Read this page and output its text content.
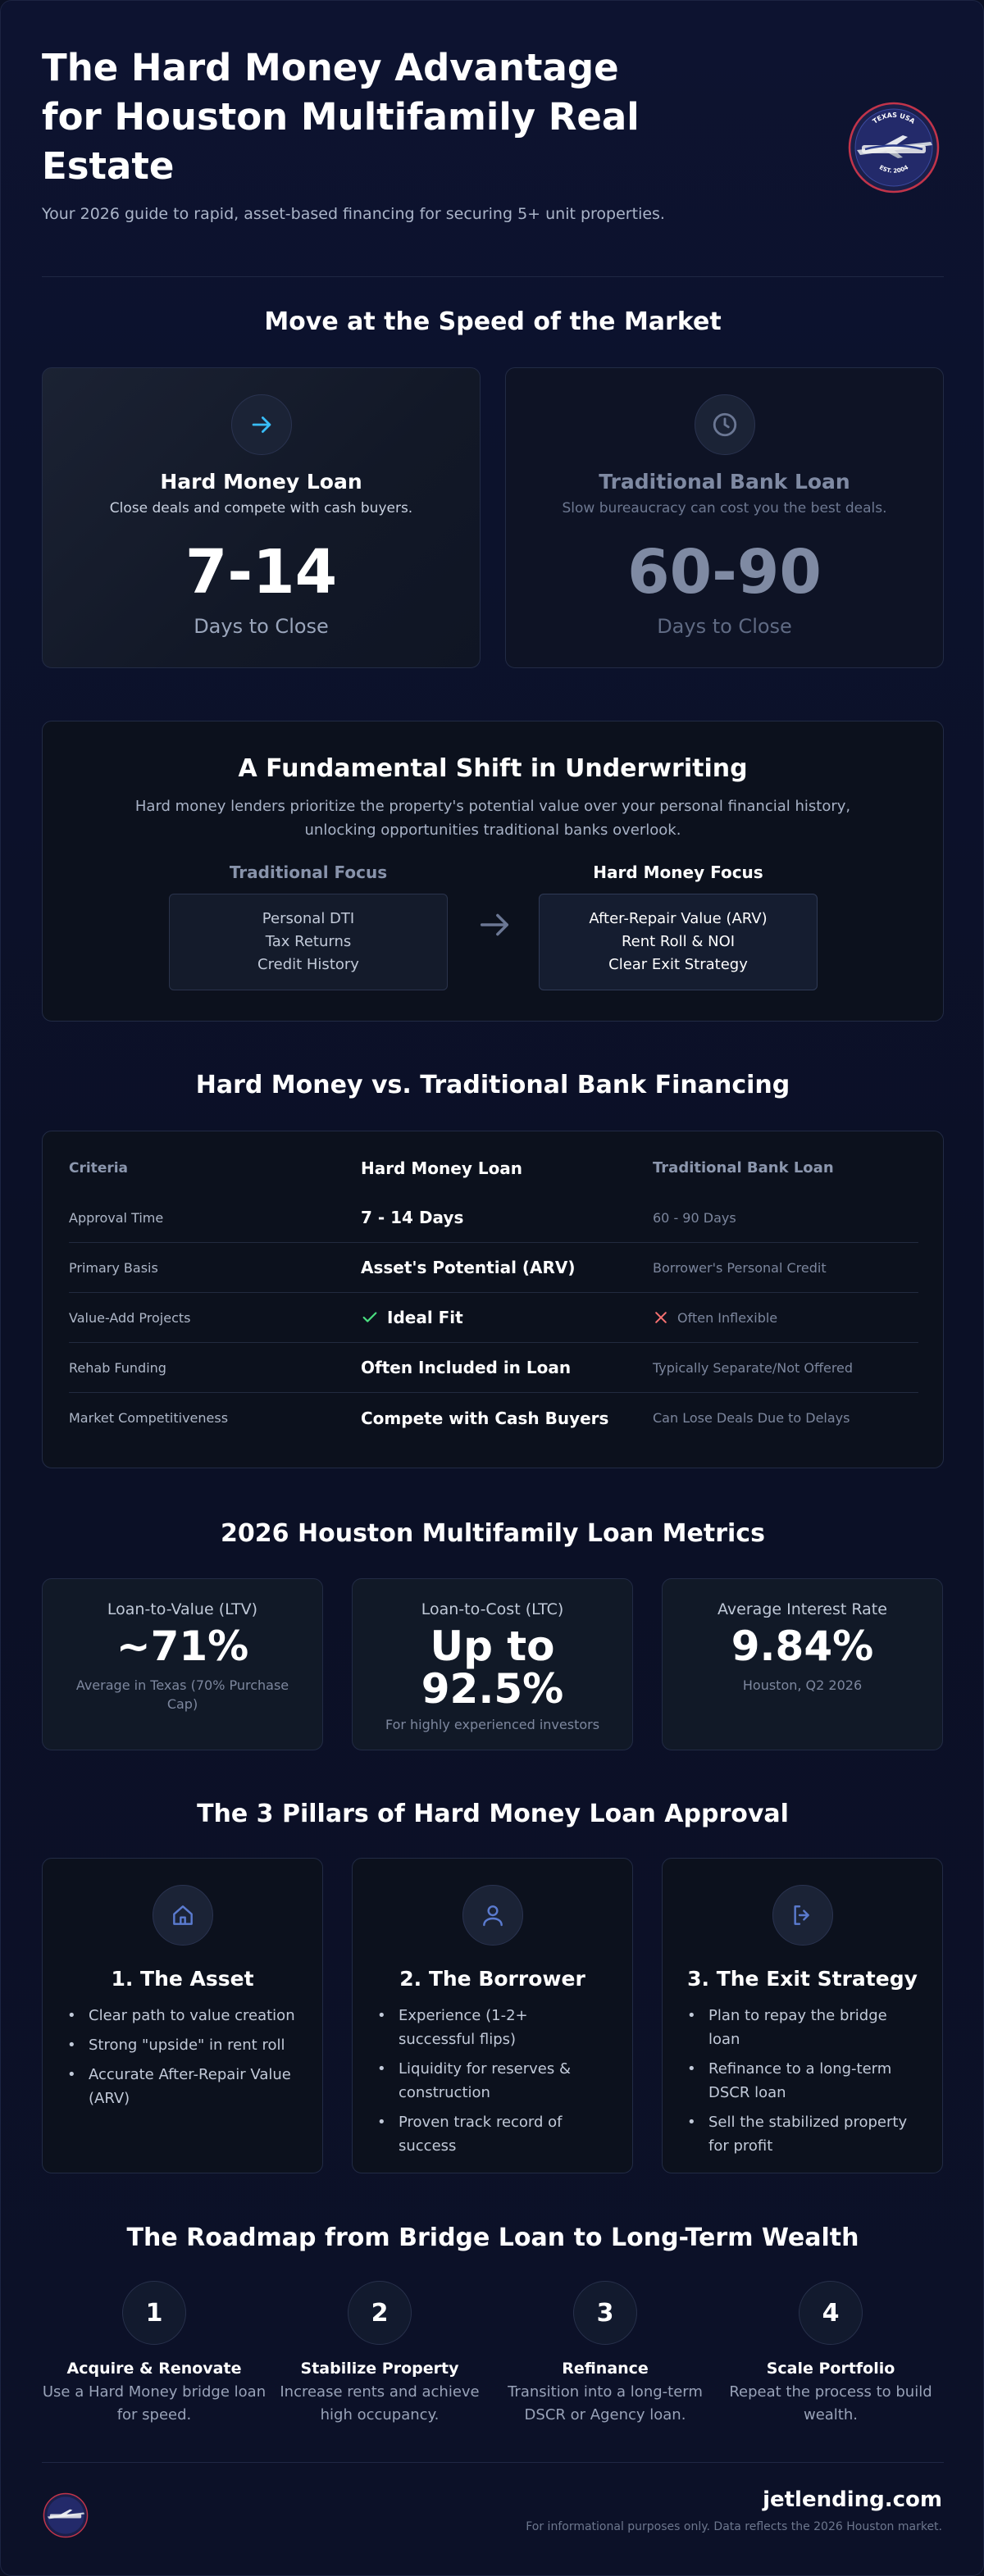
The Hard Money Advantage for Houston Multifamily Real Estate

Your 2026 guide to rapid, asset-based financing for securing 5+ unit properties.

TEXAS USA
EST. 2004
Move at the Speed of the Market
Hard Money Loan
Close deals and compete with cash buyers.
7-14
Days to Close
Traditional Bank Loan
Slow bureaucracy can cost you the best deals.
60-90
Days to Close
A Fundamental Shift in Underwriting
Hard money lenders prioritize the property's potential value over your personal financial history, unlocking opportunities traditional banks overlook.
Traditional Focus
Personal DTI
Tax Returns
Credit History
Hard Money Focus
After-Repair Value (ARV)
Rent Roll & NOI
Clear Exit Strategy
Hard Money vs. Traditional Bank Financing
Criteria	Hard Money Loan	Traditional Bank Loan
Approval Time	7 - 14 Days	60 - 90 Days
Primary Basis	Asset's Potential (ARV)	Borrower's Personal Credit
Value-Add Projects	Ideal Fit	Often Inflexible
Rehab Funding	Often Included in Loan	Typically Separate/Not Offered
Market Competitiveness	Compete with Cash Buyers	Can Lose Deals Due to Delays
2026 Houston Multifamily Loan Metrics
Loan-to-Value (LTV)
~71%
Average in Texas (70% Purchase Cap)
Loan-to-Cost (LTC)
Up to 92.5%
For highly experienced investors
Average Interest Rate
9.84%
Houston, Q2 2026
The 3 Pillars of Hard Money Loan Approval
1. The Asset
• Clear path to value creation
• Strong "upside" in rent roll
• Accurate After-Repair Value (ARV)
2. The Borrower
• Experience (1-2+ successful flips)
• Liquidity for reserves & construction
• Proven track record of success
3. The Exit Strategy
• Plan to repay the bridge loan
• Refinance to a long-term DSCR loan
• Sell the stabilized property for profit
The Roadmap from Bridge Loan to Long-Term Wealth
1
Acquire & Renovate
Use a Hard Money bridge loan for speed.
2
Stabilize Property
Increase rents and achieve high occupancy.
3
Refinance
Transition into a long-term DSCR or Agency loan.
4
Scale Portfolio
Repeat the process to build wealth.
jetlending.com
For informational purposes only. Data reflects the 2026 Houston market.
